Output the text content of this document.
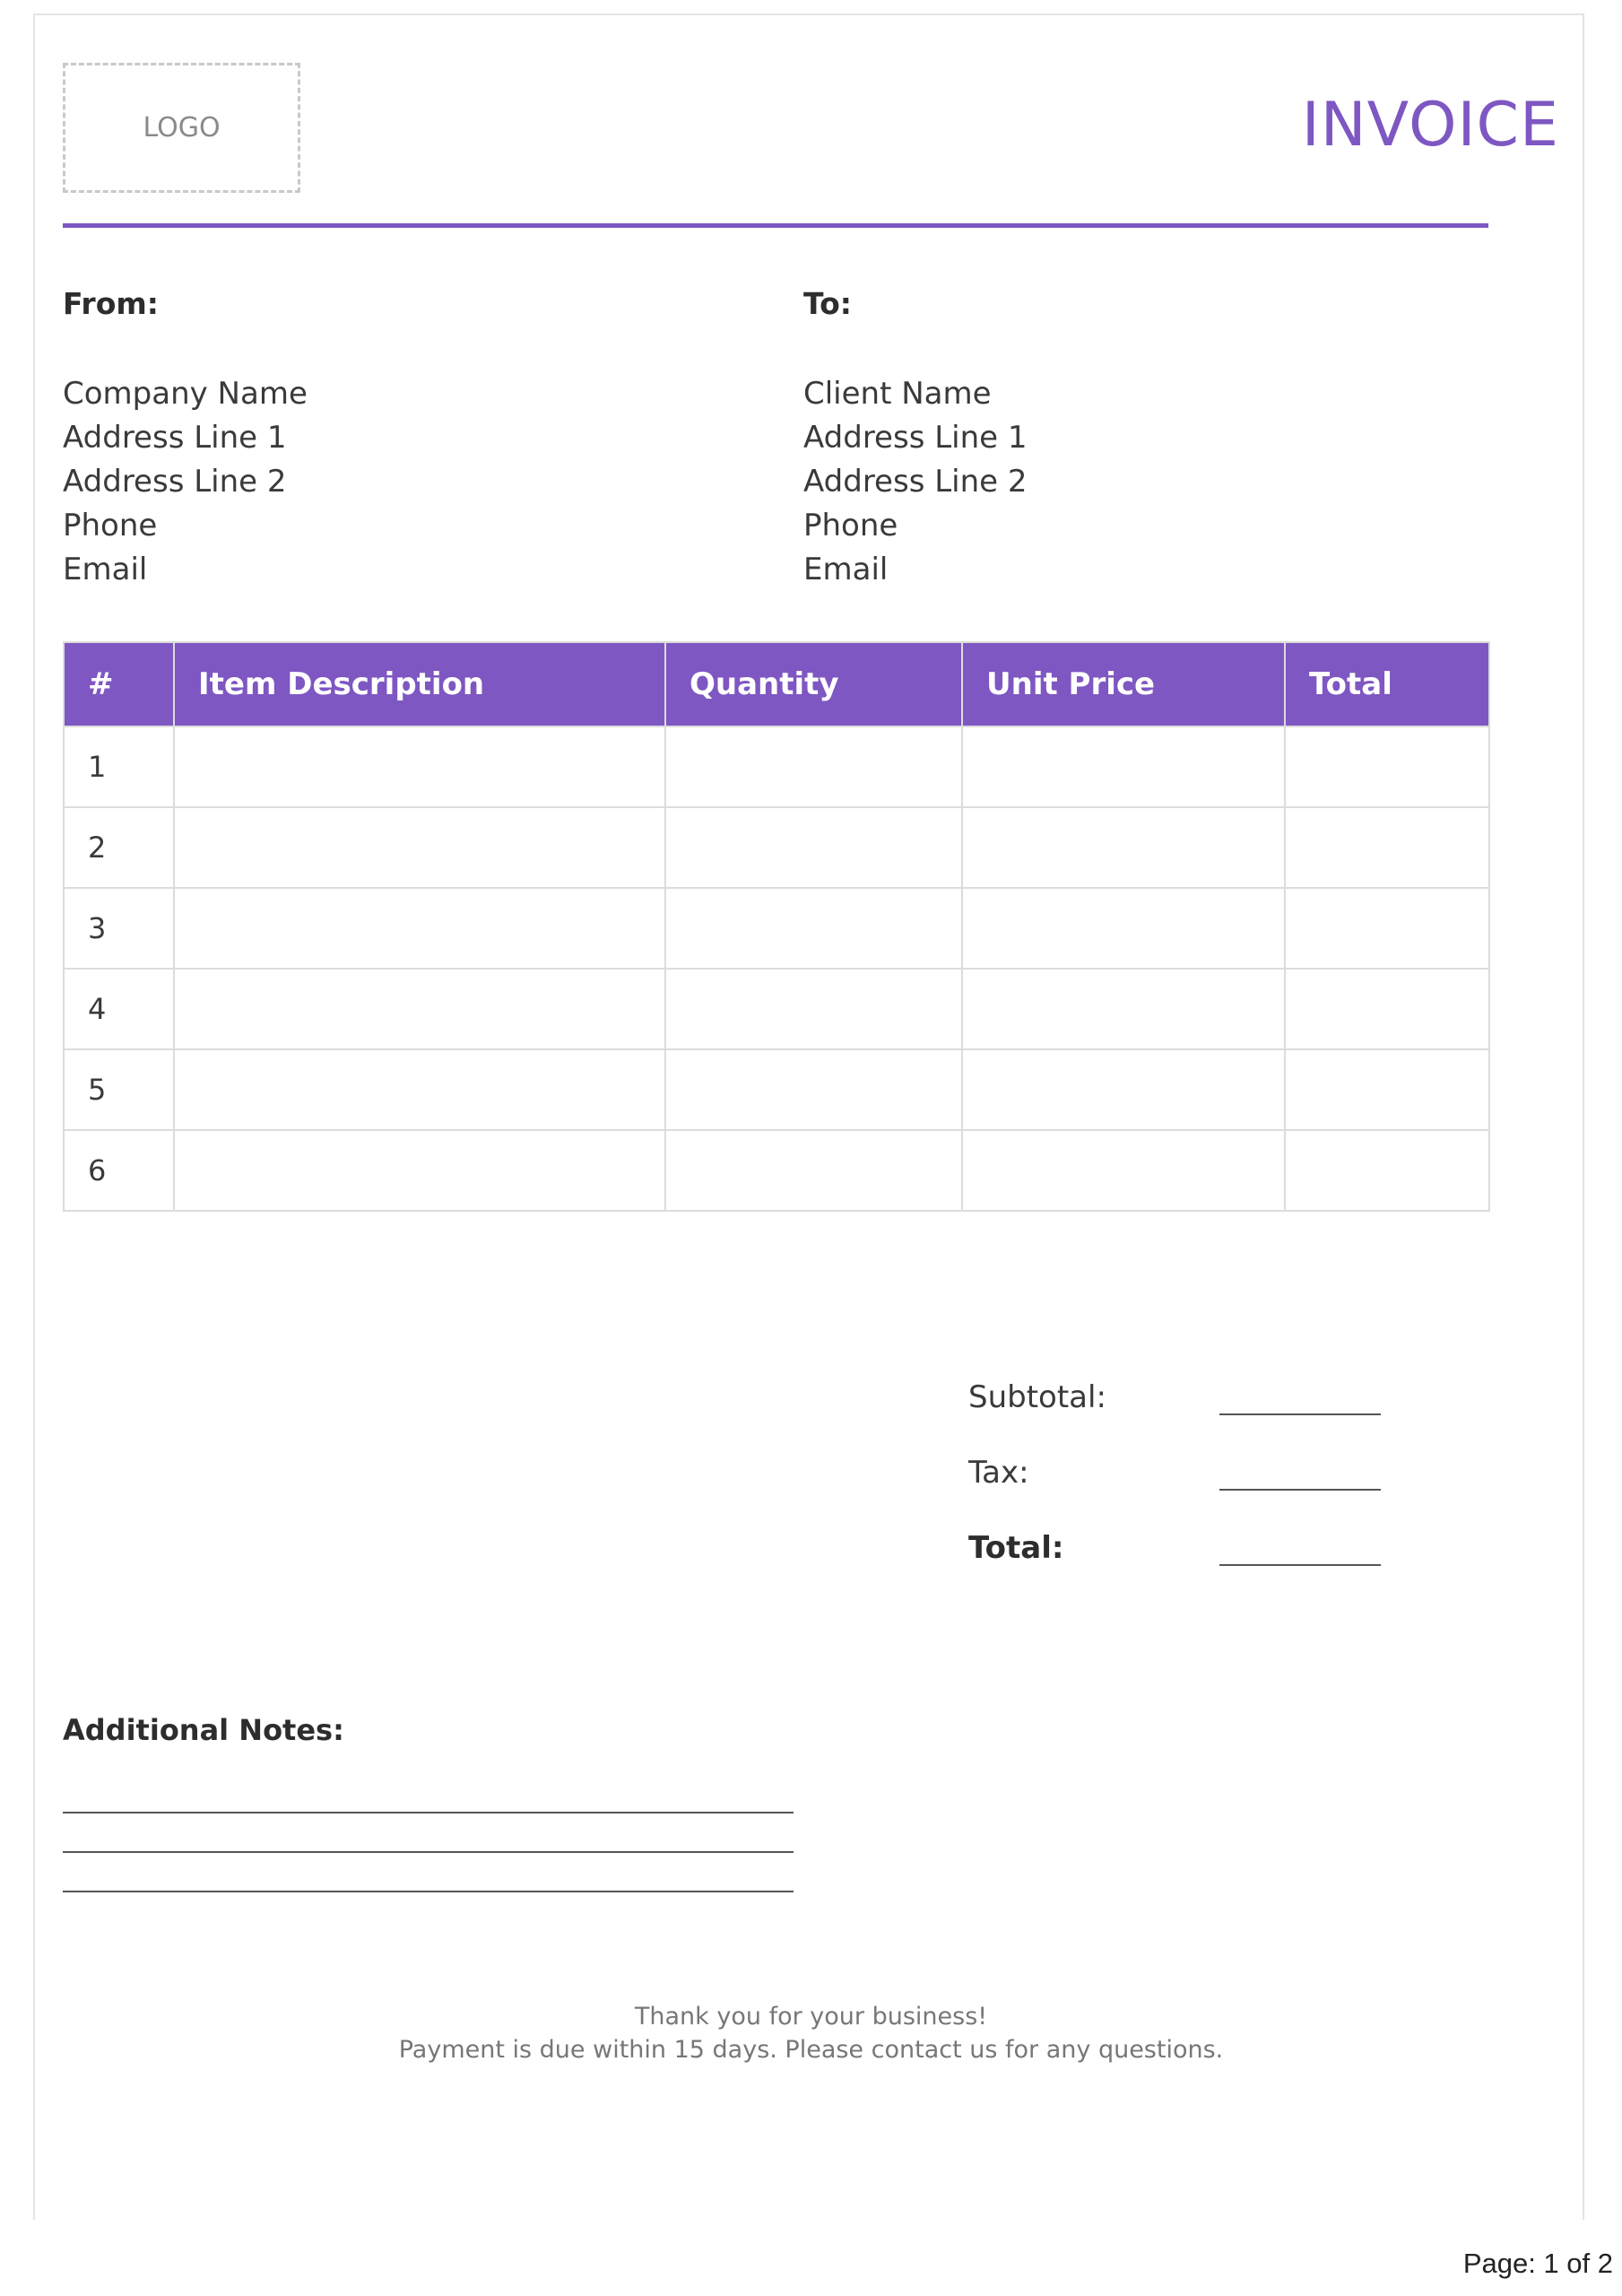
LOGO	INVOICE
From:
Company Name
Address Line 1
Address Line 2
Phone
Email
To:
Client Name
Address Line 1
Address Line 2
Phone
Email
#	Item Description	Quantity	Unit Price	Total
1				
2				
3				
4				
5				
6				
Subtotal:
Tax:
Total:
Additional Notes:
Thank you for your business!
Payment is due within 15 days. Please contact us for any questions.
Page: 1 of 2
